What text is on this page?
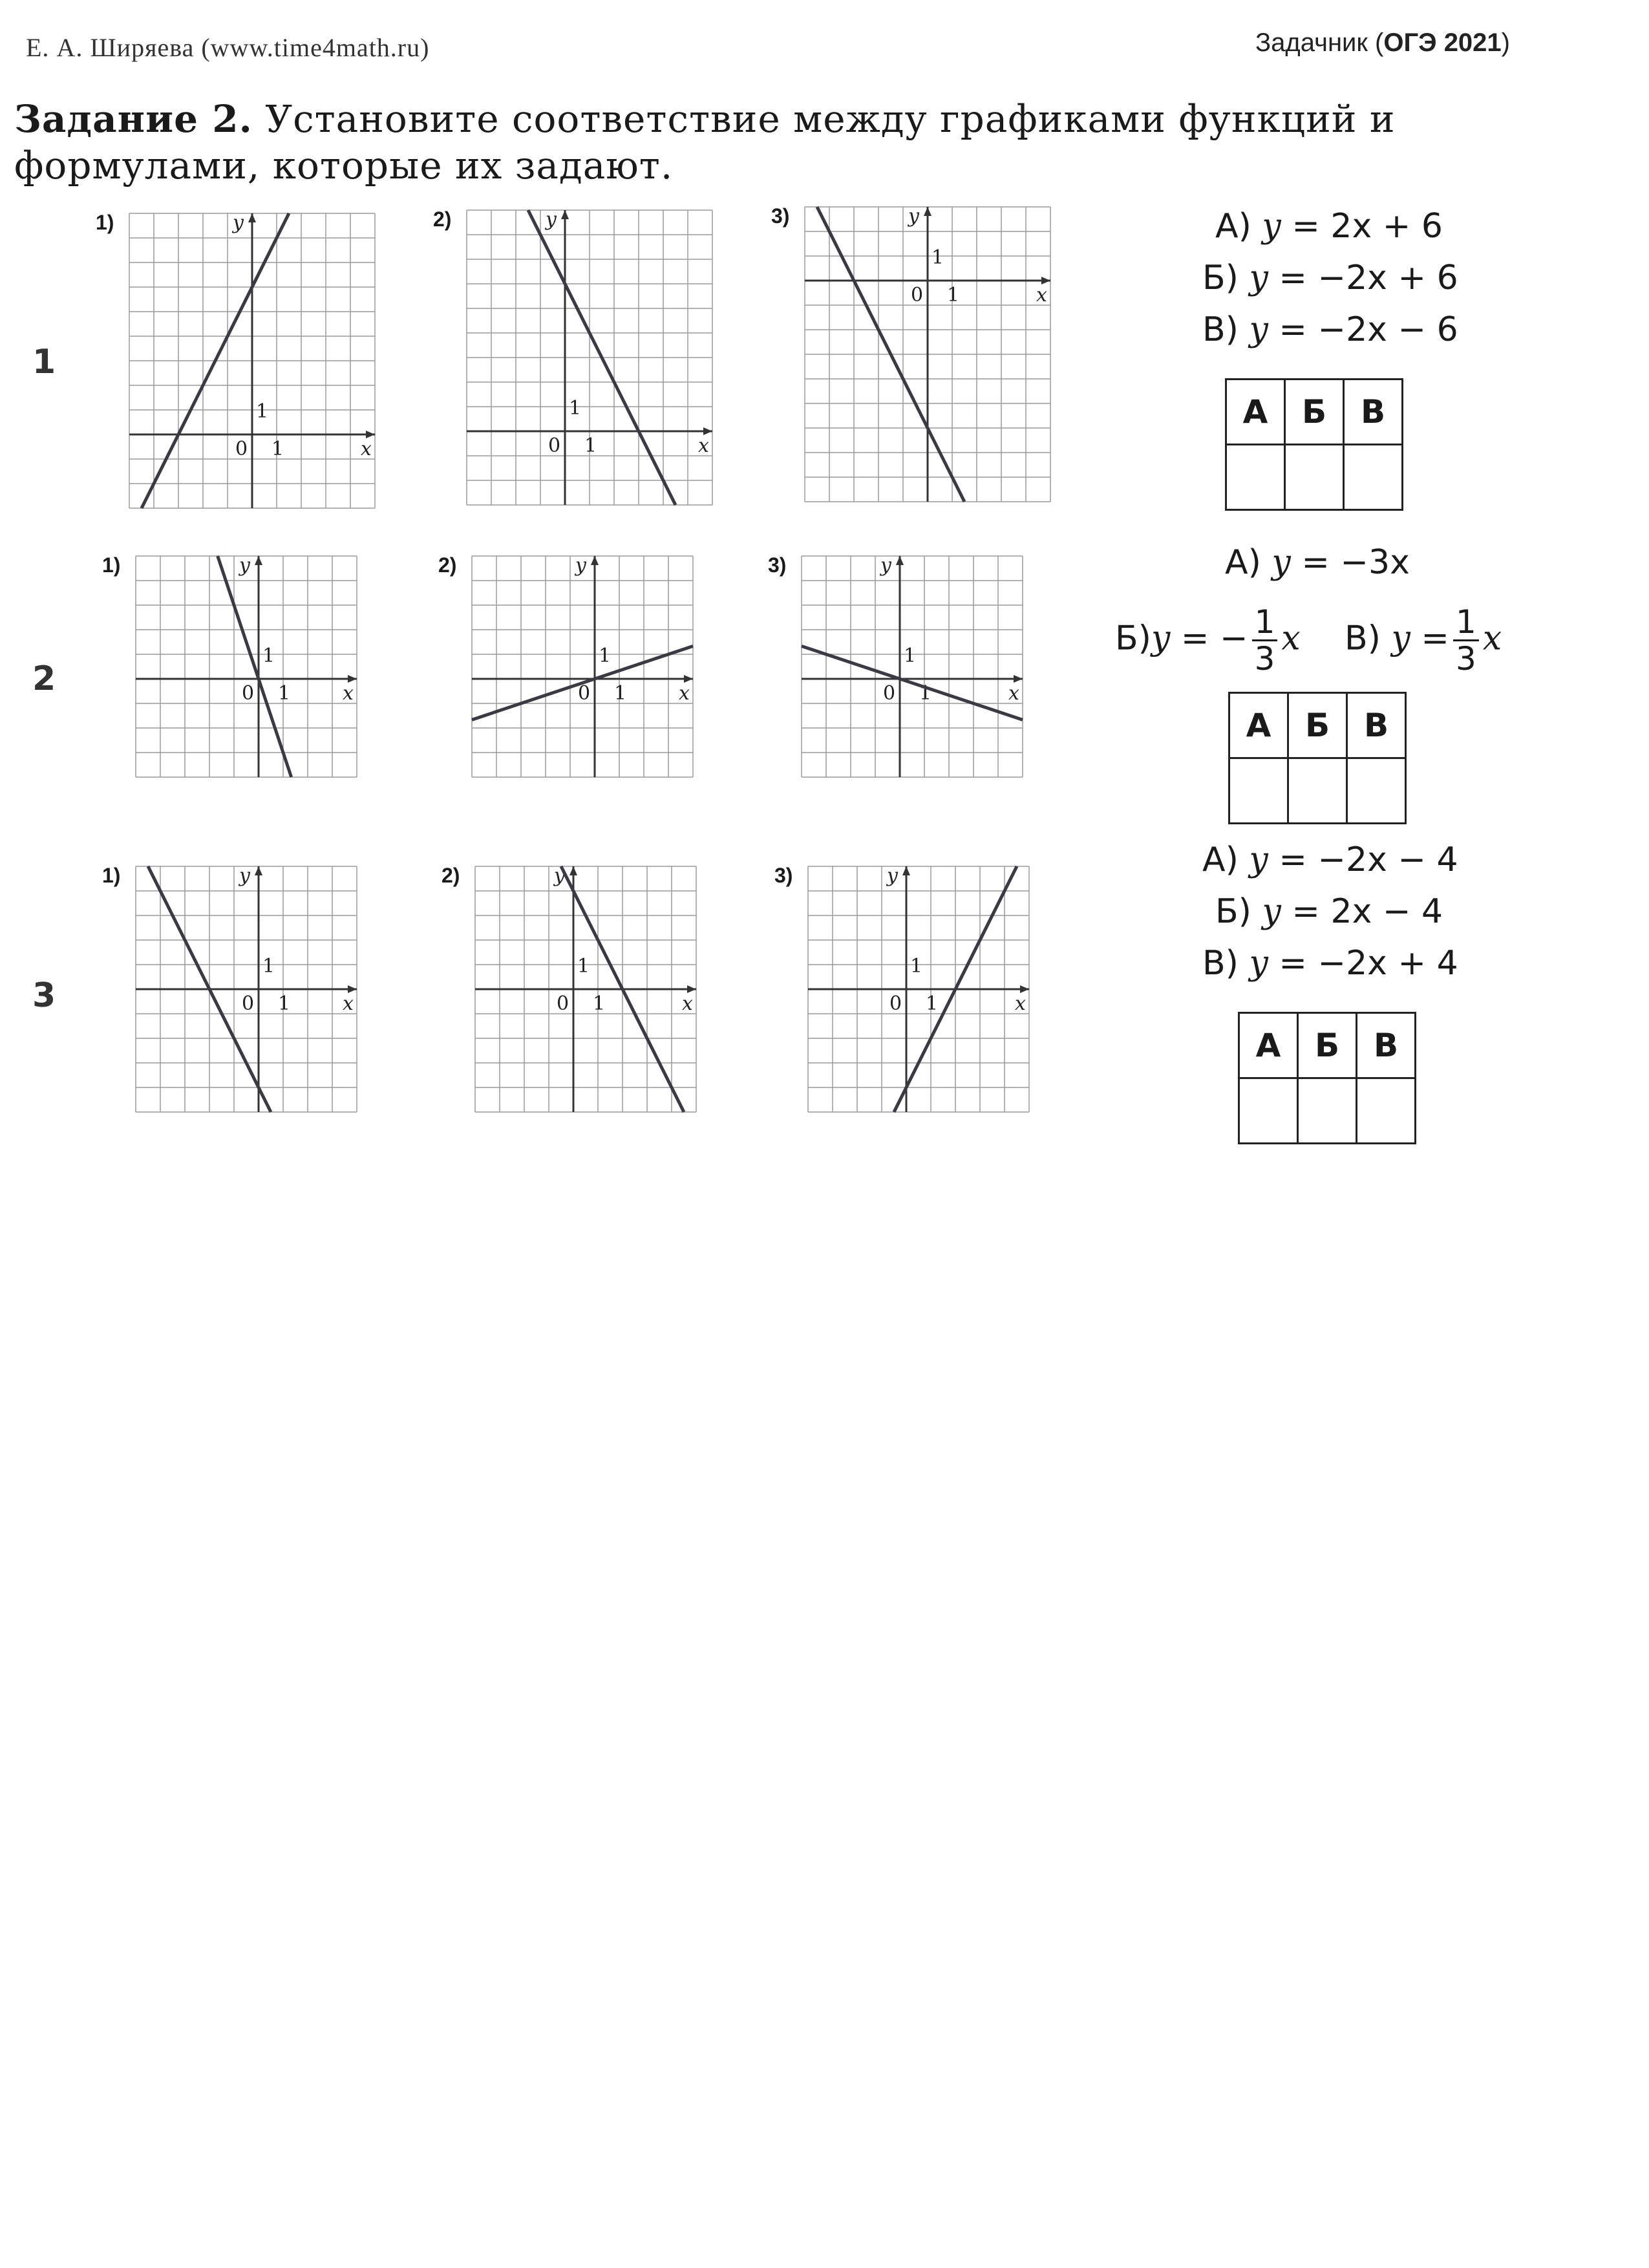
Е. А. Ширяева (www.time4math.ru)	Задачник (ОГЭ 2021)
Задание 2. Установите соответствие между графиками функций и формулами, которые их задают.
1
2
3
1)
x
y
0 1
1
2)
x
y
0 1
1
3)
x
y
0 1
1
1)
x
y
0 1
1
2)
x
y
0 1
1
3)
x
y
0 1
1
1)
x
y
0 1
1
2)
x
y
0 1
1
3)
x
y
0 1
1
А) y = 2x + 6
Б) y = −2x + 6
В) y = −2x − 6
А	Б	В

А) y = −3x
Б)y = − $\frac{1}{3}$ x В) $y = \frac{1}{3}$ x
А	Б	В

А) y = −2x − 4
Б) y = 2x − 4
В) y = −2x + 4
А	Б	В
